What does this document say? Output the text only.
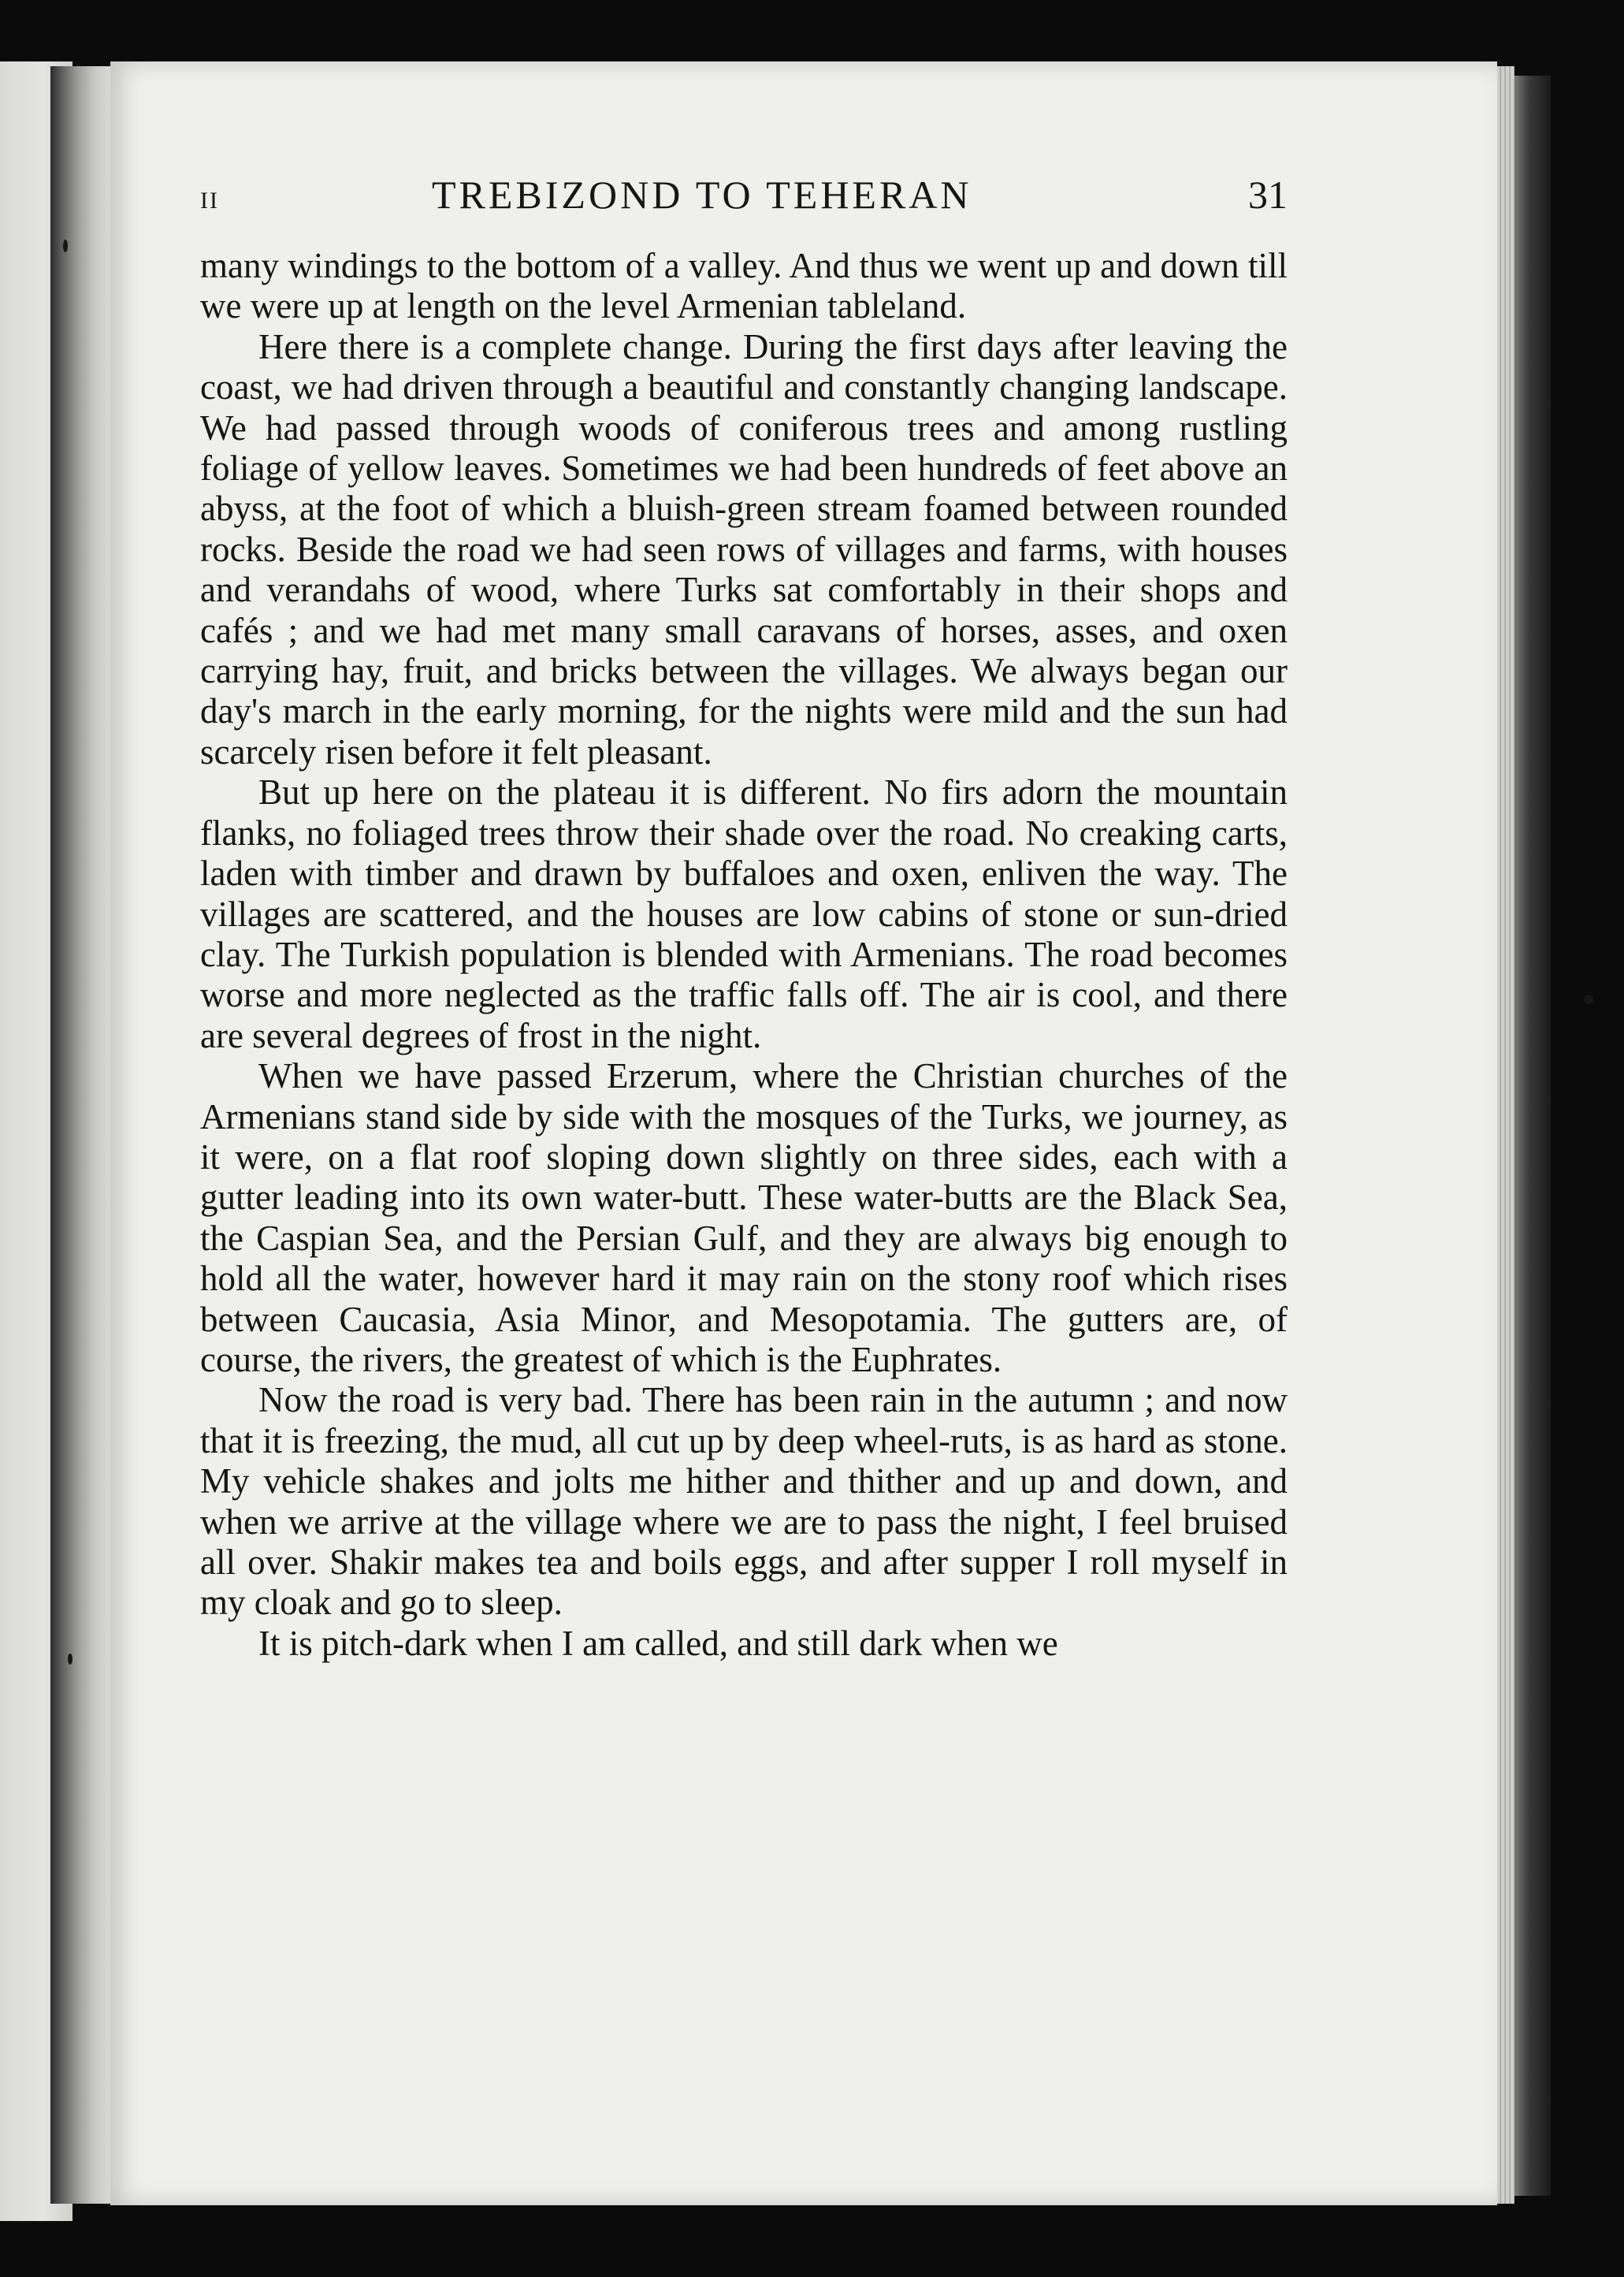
II	TREBIZOND TO TEHERAN	31

many windings to the bottom of a valley. And thus we went up and down till we were up at length on the level Armenian tableland.

Here there is a complete change. During the first days after leaving the coast, we had driven through a beautiful and constantly changing landscape. We had passed through woods of coniferous trees and among rustling foliage of yellow leaves. Sometimes we had been hundreds of feet above an abyss, at the foot of which a bluish-green stream foamed between rounded rocks. Beside the road we had seen rows of villages and farms, with houses and verandahs of wood, where Turks sat comfortably in their shops and cafés ; and we had met many small caravans of horses, asses, and oxen carrying hay, fruit, and bricks between the villages. We always began our day's march in the early morning, for the nights were mild and the sun had scarcely risen before it felt pleasant.

But up here on the plateau it is different. No firs adorn the mountain flanks, no foliaged trees throw their shade over the road. No creaking carts, laden with timber and drawn by buffaloes and oxen, enliven the way. The villages are scattered, and the houses are low cabins of stone or sun-dried clay. The Turkish population is blended with Armenians. The road becomes worse and more neglected as the traffic falls off. The air is cool, and there are several degrees of frost in the night.

When we have passed Erzerum, where the Christian churches of the Armenians stand side by side with the mosques of the Turks, we journey, as it were, on a flat roof sloping down slightly on three sides, each with a gutter leading into its own water-butt. These water-butts are the Black Sea, the Caspian Sea, and the Persian Gulf, and they are always big enough to hold all the water, however hard it may rain on the stony roof which rises between Caucasia, Asia Minor, and Mesopotamia. The gutters are, of course, the rivers, the greatest of which is the Euphrates.

Now the road is very bad. There has been rain in the autumn ; and now that it is freezing, the mud, all cut up by deep wheel-ruts, is as hard as stone. My vehicle shakes and jolts me hither and thither and up and down, and when we arrive at the village where we are to pass the night, I feel bruised all over. Shakir makes tea and boils eggs, and after supper I roll myself in my cloak and go to sleep.

It is pitch-dark when I am called, and still dark when we
